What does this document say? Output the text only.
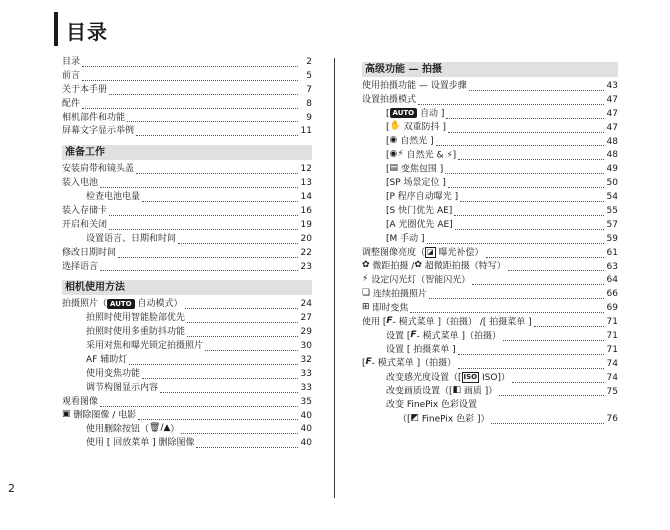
目录
目录	2
前言	5
关于本手册	7
配件	8
相机部件和功能	9
屏幕文字显示举例	11
准备工作
安装肩带和镜头盖	12
装入电池	13
检查电池电量	14
装入存储卡	16
开启和关闭	19
设置语言、日期和时间	20
修改日期时间	22
选择语言	23
相机使用方法
拍摄照片（ AUTO 自动模式）	24
拍照时使用智能脸部优先	27
拍照时使用多重防抖功能	29
采用对焦和曝光锁定拍摄照片	30
AF 辅助灯	32
使用变焦功能	33
调节构图显示内容	33
观看图像	35
▣ 删除图像 / 电影	40
使用删除按钮（🗑/▲）	40
使用 [ 回放菜单 ] 删除图像	40
高级功能 — 拍摄
使用拍摄功能 — 设置步骤	43
设置拍摄模式	47
[ AUTO 自动 ]	47
[✋ 双重防抖 ]	47
[◉ 自然光 ]	48
[◉⚡ 自然光 & ⚡]	48
[▤ 变焦包围 ]	49
[SP 场景定位 ]	50
[P 程序自动曝光 ]	54
[S 快门优先 AE]	55
[A 光圈优先 AE]	57
[M 手动 ]	59
调整图像亮度（ ◪ 曝光补偿）	61
✿ 微距拍摄 /✿ 超微距拍摄（特写）	63
⚡ 设定闪光灯（智能闪光）	64
❏ 连续拍摄照片	66
⊞ 即时变焦	69
使用 [F- 模式菜单 ]（拍摄） /[ 拍摄菜单 ]	71
设置 [F- 模式菜单 ]（拍摄）	71
设置 [ 拍摄菜单 ]	71
[F- 模式菜单 ]（拍摄）	74
改变感光度设置（[ ISO ISO]）	74
改变画质设置（[◧ 画质 ]）	75
改变 FinePix 色彩设置
（[◩ FinePix 色彩 ]）	76
2
